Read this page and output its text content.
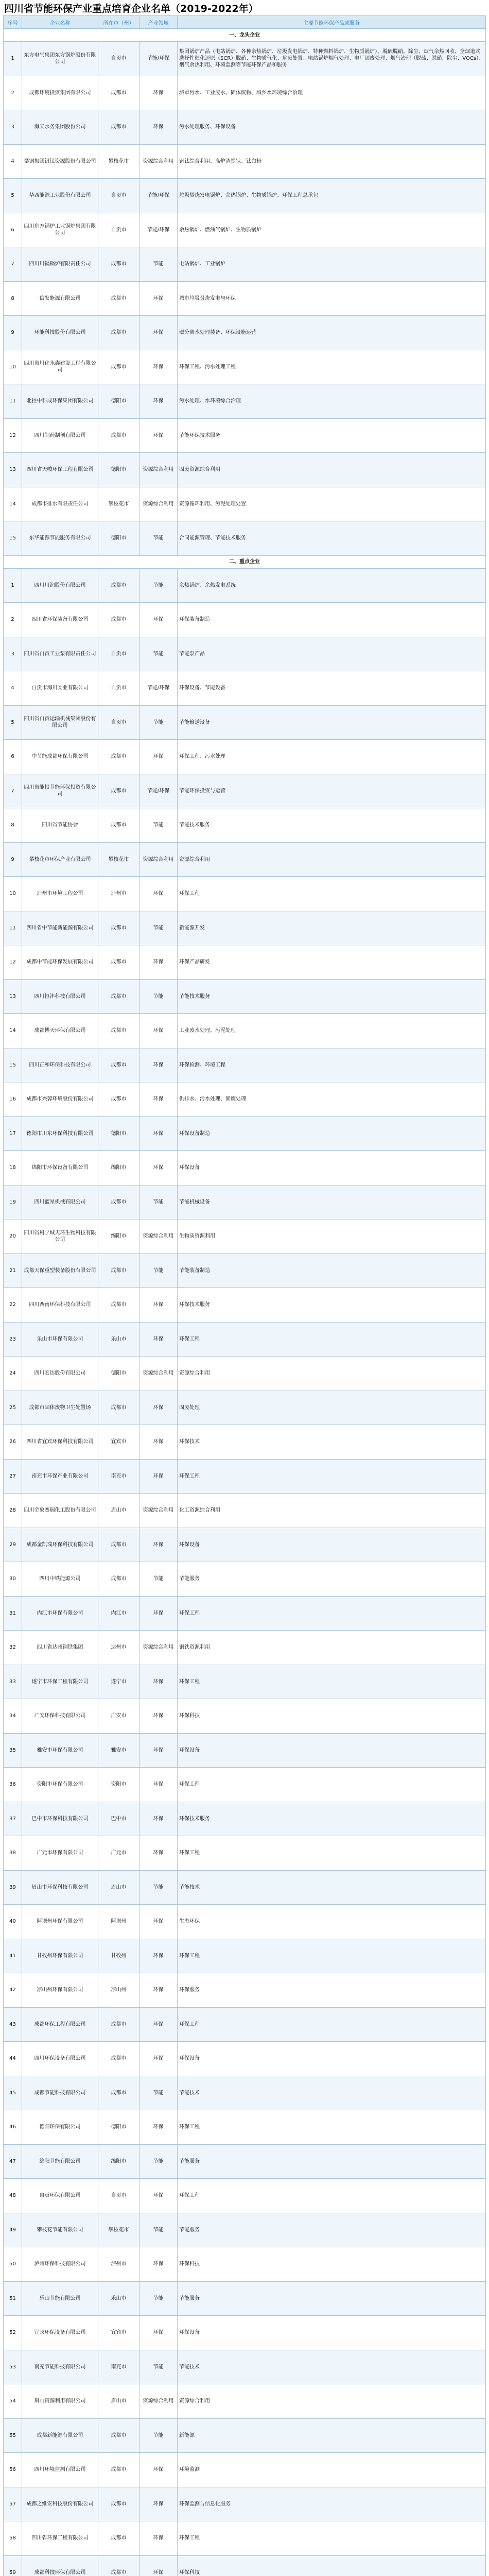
四川省节能环保产业重点培育企业名单（2019-2022年）
序号	企业名称	所在市（州）	产业领域	主要节能环保产品或服务
一、龙头企业				
1	东方电气集团东方锅炉股份有限公司	自贡市	节能/环保	集团锅炉产品（电站锅炉、各种余热锅炉、垃圾发电锅炉、特种燃料锅炉、生物质锅炉）、脱硫脱硝、除尘、烟气余热回收、全烟道式选择性催化还原（SCR）脱硝、生物质气化、危废处置、电站锅炉烟气处理、电厂固废处理、烟气治理（脱硫、脱硝、除尘、VOCs）、烟气余热利用、环境监测等节能环保产品和服务
2	成都环境投资集团有限公司	成都市	环保	城市污水、工业废水、固体废物、城乡水环境综合治理
3	海天水务集团股份公司	成都市	环保	污水处理服务、环保设备
4	攀钢集团钒钛资源股份有限公司	攀枝花市	资源综合利用	钒钛综合利用、高炉渣提钛、钛白粉
5	华西能源工业股份有限公司	自贡市	节能/环保	垃圾焚烧发电锅炉、余热锅炉、生物质锅炉、环保工程总承包
6	四川东方锅炉工业锅炉集团有限公司	自贡市	节能/环保	余热锅炉、燃油气锅炉、生物质锅炉
7	四川川锅锅炉有限责任公司	成都市	节能	电站锅炉、工业锅炉
8	信发能源有限公司	成都市	环保	城市垃圾焚烧发电与环保
9	环能科技股份有限公司	成都市	环保	磁分离水处理装备、环保设施运营
10	四川省川化永鑫建设工程有限公司	成都市	环保	环保工程、污水处理工程
11	北控中科成环保集团有限公司	德阳市	环保	污水处理、水环境综合治理
12	四川制药制剂有限公司	成都市	环保	节能环保技术服务
13	四川省天峻环保工程有限公司	德阳市	资源综合利用	固废资源综合利用
14	成都市排水有限责任公司	攀枝花市	资源综合利用	资源循环利用、污泥处理处置
15	东华能源节能服务有限公司	德阳市	节能	合同能源管理、节能技术服务
二、重点企业				
1	四川川润股份有限公司	成都市	节能	余热锅炉、余热发电系统
2	四川省环保装备有限公司	成都市	环保	环保装备制造
3	四川省自贡工业泵有限责任公司	自贡市	节能	节能泵产品
4	自贡市海川实业有限公司	自贡市	节能/环保	环保设备、节能设备
5	四川省自贡运输机械集团股份有限公司	自贡市	节能	节能输送设备
6	中节能成都环保有限公司	成都市	环保	环保工程、污水处理
7	四川省能投节能环保投资有限公司	成都市	节能/环保	节能环保投资与运营
8	四川省节能协会	成都市	节能	节能技术服务
9	攀枝花市环保产业有限公司	攀枝花市	资源综合利用	资源综合利用
10	泸州市环境工程公司	泸州市	环保	环保工程
11	四川省中节能新能源有限公司	成都市	节能	新能源开发
12	成都中节能环保发展有限公司	成都市	环保	环保产品研发
13	四川恒沣科技有限公司	成都市	节能	节能技术服务
14	成都博天环保有限公司	成都市	环保	工业废水处理、污泥处理
15	四川正和环保科技有限公司	成都市	环保	环保检测、环境工程
16	成都市兴蓉环境股份有限公司	成都市	环保	供排水、污水处理、固废处理
17	德阳市川东环保科技有限公司	德阳市	环保	环保设备制造
18	绵阳市环保设备有限公司	绵阳市	环保	环保设备
19	四川蓝星机械有限公司	成都市	节能	节能机械设备
20	四川省科学城天环生物科技有限公司	绵阳市	资源综合利用	生物质资源利用
21	成都天保重型装备股份有限公司	成都市	节能	节能装备制造
22	四川西南环保科技有限公司	成都市	环保	环保技术服务
23	乐山市环保有限公司	乐山市	环保	环保工程
24	四川宏达股份有限公司	德阳市	资源综合利用	资源综合利用
25	成都市固体废物卫生处置场	成都市	环保	固废处理
26	四川省宜宾环保科技有限公司	宜宾市	环保	环保技术
27	南充市环保产业有限公司	南充市	环保	环保工程
28	四川金象赛瑞化工股份有限公司	眉山市	资源综合利用	化工资源综合利用
29	成都金凯瑞环保科技有限公司	成都市	环保	环保设备
30	四川中铁能源公司	成都市	节能	节能服务
31	内江市环保有限公司	内江市	环保	环保工程
32	四川省达州钢铁集团	达州市	资源综合利用	钢铁资源利用
33	遂宁市环保工程有限公司	遂宁市	环保	环保工程
34	广安环保科技有限公司	广安市	环保	环保科技
35	雅安市环保有限公司	雅安市	环保	环保设备
36	资阳市环保有限公司	资阳市	环保	环保工程
37	巴中市环保科技有限公司	巴中市	环保	环保技术服务
38	广元市环保有限公司	广元市	环保	环保工程
39	眉山市环保科技有限公司	眉山市	节能	节能技术
40	阿坝州环保有限公司	阿坝州	环保	生态环保
41	甘孜州环保有限公司	甘孜州	环保	环保工程
42	凉山州环保有限公司	凉山州	环保	环保服务
43	成都环保工程有限公司	成都市	环保	环保工程
44	四川环保设备有限公司	成都市	环保	环保设备
45	成都节能科技有限公司	成都市	节能	节能技术
46	德阳环保有限公司	德阳市	环保	环保工程
47	绵阳节能有限公司	绵阳市	节能	节能服务
48	自贡环保有限公司	自贡市	环保	环保工程
49	攀枝花节能有限公司	攀枝花市	节能	节能服务
50	泸州环保科技有限公司	泸州市	环保	环保科技
51	乐山节能有限公司	乐山市	节能	节能服务
52	宜宾环保设备有限公司	宜宾市	环保	环保设备
53	南充节能科技有限公司	南充市	节能	节能技术
54	眉山资源利用有限公司	眉山市	资源综合利用	资源综合利用
55	成都新能源有限公司	成都市	节能	新能源
56	四川环境监测有限公司	成都市	环保	环境监测
57	成都之维安科技股份有限公司	成都市	环保	环保监测与信息化服务
58	四川省环保工程有限公司	成都市	环保	环保工程
59	成都科技环保有限公司	成都市	环保	环保科技
